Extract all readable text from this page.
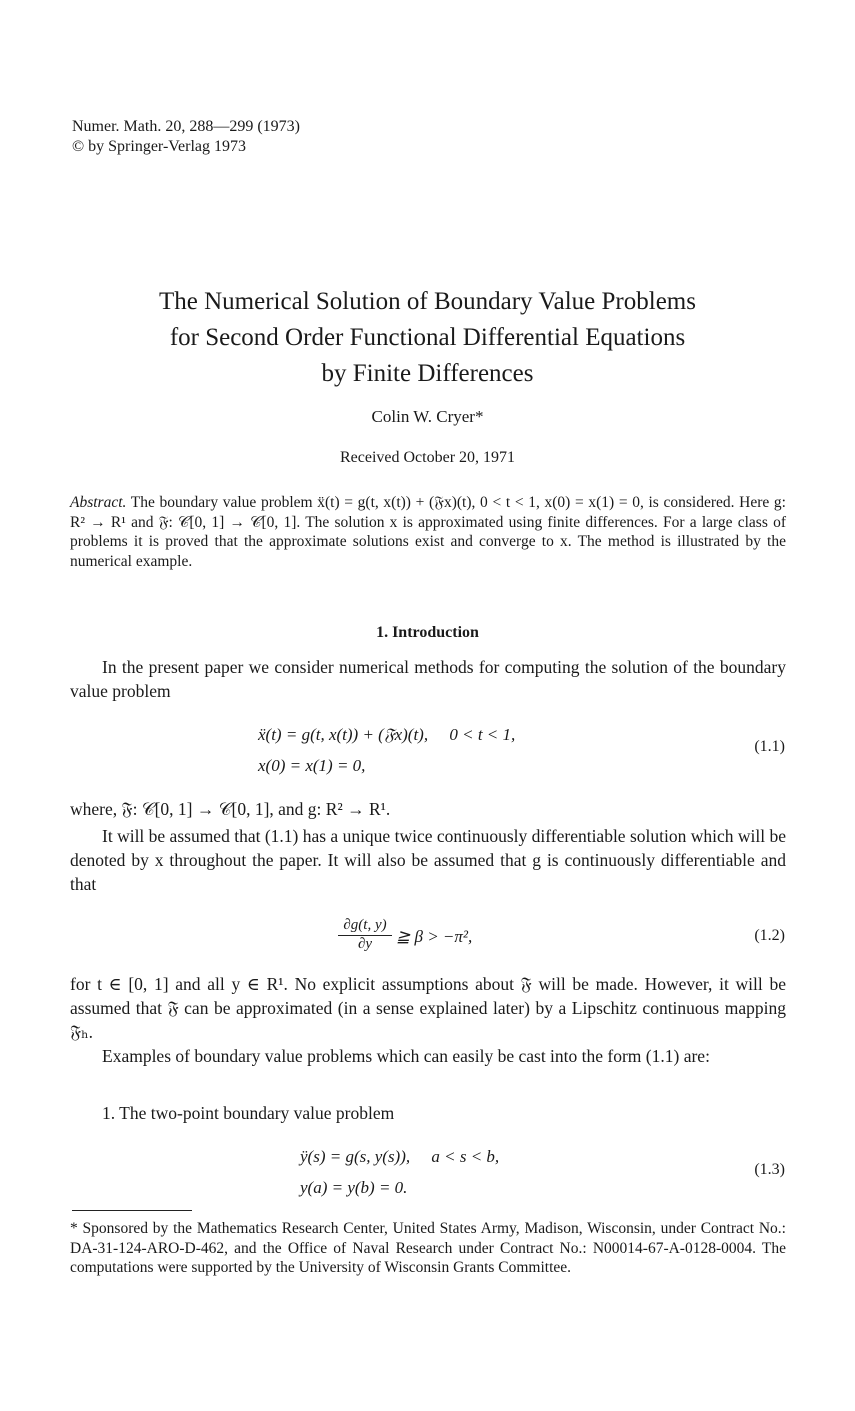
Numer. Math. 20, 288—299 (1973)
© by Springer-Verlag 1973
The Numerical Solution of Boundary Value Problems
for Second Order Functional Differential Equations
by Finite Differences
Colin W. Cryer*
Received October 20, 1971
Abstract. The boundary value problem ẍ(t) = g(t, x(t)) + (𝔉x)(t), 0 < t < 1, x(0) = x(1) = 0, is considered. Here g: R² → R¹ and 𝔉: 𝒞[0, 1] → 𝒞[0, 1]. The solution x is approximated using finite differences. For a large class of problems it is proved that the approximate solutions exist and converge to x. The method is illustrated by the numerical example.
1. Introduction
In the present paper we consider numerical methods for computing the solution of the boundary value problem
ẍ(t) = g(t, x(t)) + (𝔉x)(t),     0 < t < 1,
x(0) = x(1) = 0,
(1.1)
where, 𝔉: 𝒞[0, 1] → 𝒞[0, 1], and g: R² → R¹.
It will be assumed that (1.1) has a unique twice continuously differentiable solution which will be denoted by x throughout the paper. It will also be assumed that g is continuously differentiable and that
$\frac{\partial g(t, y)}{\partial y}$ ≧ β > −π²,	(1.2)
for t ∈ [0, 1] and all y ∈ R¹. No explicit assumptions about 𝔉 will be made. However, it will be assumed that 𝔉 can be approximated (in a sense explained later) by a Lipschitz continuous mapping 𝔉ₕ.
Examples of boundary value problems which can easily be cast into the form (1.1) are:
1. The two-point boundary value problem
ÿ(s) = g(s, y(s)),     a < s < b,
y(a) = y(b) = 0.
(1.3)
* Sponsored by the Mathematics Research Center, United States Army, Madison, Wisconsin, under Contract No.: DA-31-124-ARO-D-462, and the Office of Naval Research under Contract No.: N00014-67-A-0128-0004. The computations were supported by the University of Wisconsin Grants Committee.
